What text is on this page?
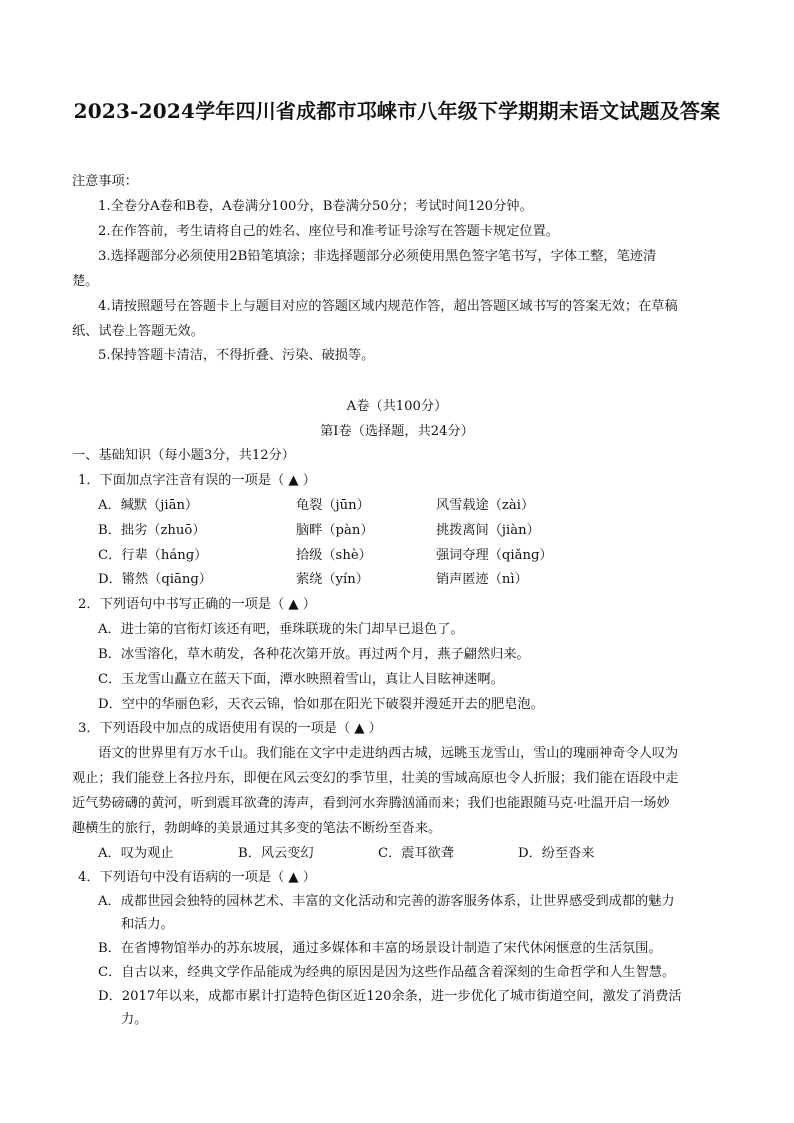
2023-2024学年四川省成都市邛崃市八年级下学期期末语文试题及答案
注意事项：
1.全卷分A卷和B卷，A卷满分100分，B卷满分50分；考试时间120分钟。
2.在作答前，考生请将自己的姓名、座位号和准考证号涂写在答题卡规定位置。
3.选择题部分必须使用2B铅笔填涂；非选择题部分必须使用黑色签字笔书写，字体工整，笔迹清
楚。
4.请按照题号在答题卡上与题目对应的答题区域内规范作答，超出答题区域书写的答案无效；在草稿
纸、试卷上答题无效。
5.保持答题卡清洁，不得折叠、污染、破损等。
A卷（共100分）
第Ⅰ卷（选择题，共24分）
一、基础知识（每小题3分，共12分）
1．下面加点字注音有误的一项是（ ▲ ）
A．缄默（jiān）	龟裂（jūn）	风雪载途（zài）
B．拙劣（zhuō）	脑畔（pàn）	挑拨离间（jiàn）
C．行辈（hánɡ）	拾级（shè）	强词夺理（qiǎnɡ）
D．锵然（qiānɡ）	萦绕（yín）	销声匿迹（nì）
2．下列语句中书写正确的一项是（ ▲ ）
A．进士第的官衔灯该还有吧，垂珠联珑的朱门却早已退色了。
B．冰雪溶化，草木萌发，各种花次第开放。再过两个月，燕子翩然归来。
C．玉龙雪山矗立在蓝天下面，潭水映照着雪山，真让人目眩神迷啊。
D．空中的华丽色彩，天衣云锦，恰如那在阳光下破裂并漫延开去的肥皂泡。
3．下列语段中加点的成语使用有误的一项是（ ▲ ）
语文的世界里有万水千山。我们能在文字中走进纳西古城，远眺玉龙雪山，雪山的瑰丽神奇令人叹为
观止；我们能登上各拉丹东，即便在风云变幻的季节里，壮美的雪域高原也令人折服；我们能在语段中走
近气势磅礴的黄河，听到震耳欲聋的涛声，看到河水奔腾汹涌而来；我们也能跟随马克·吐温开启一场妙
趣横生的旅行，勃朗峰的美景通过其多变的笔法不断纷至沓来。
A．叹为观止	B．风云变幻	C．震耳欲聋	D．纷至沓来
4．下列语句中没有语病的一项是（ ▲ ）
A．成都世园会独特的园林艺术、丰富的文化活动和完善的游客服务体系，让世界感受到成都的魅力
和活力。
B．在省博物馆举办的苏东坡展，通过多媒体和丰富的场景设计制造了宋代休闲惬意的生活氛围。
C．自古以来，经典文学作品能成为经典的原因是因为这些作品蕴含着深刻的生命哲学和人生智慧。
D．2017年以来，成都市累计打造特色街区近120余条，进一步优化了城市街道空间，激发了消费活
力。
